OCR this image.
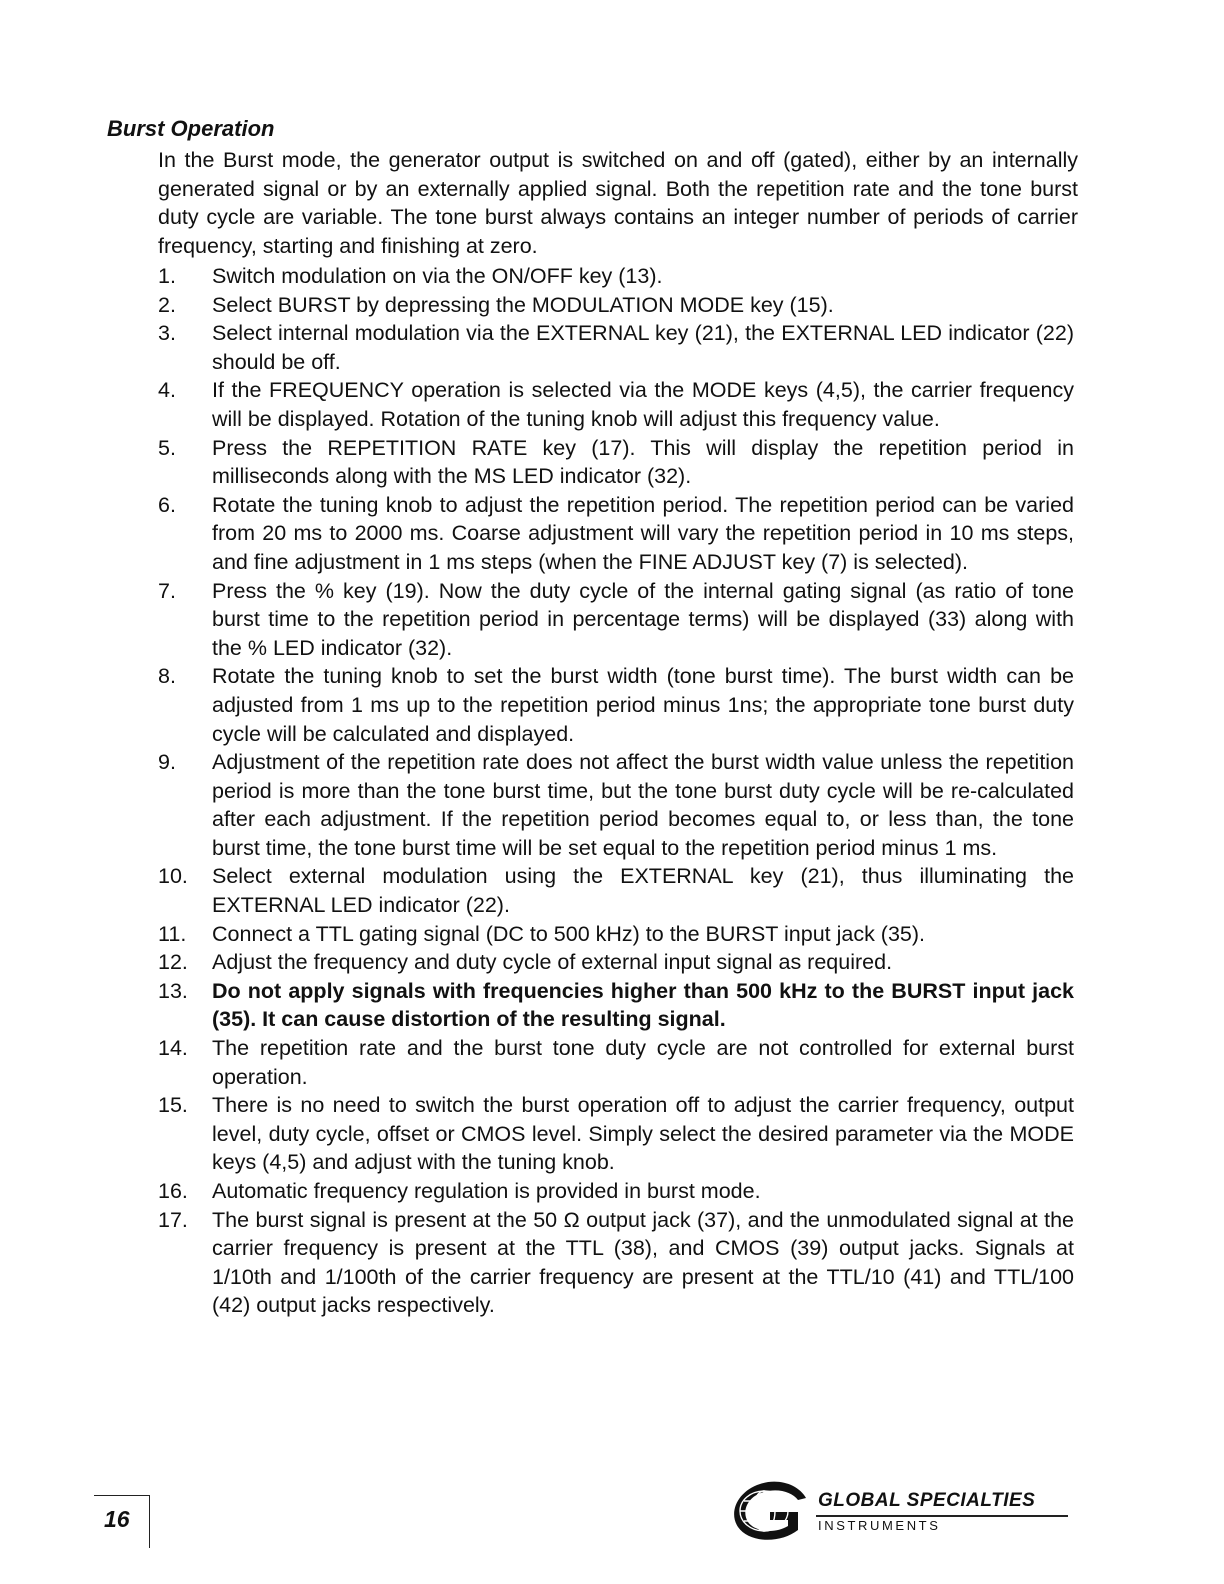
Burst Operation

In the Burst mode, the generator output is switched on and off (gated), either by an internally generated signal or by an externally applied signal. Both the repetition rate and the tone burst duty cycle are variable. The tone burst always contains an integer number of periods of carrier frequency, starting and finishing at zero.

1.	Switch modulation on via the ON/OFF key (13).
2.	Select BURST by depressing the MODULATION MODE key (15).
3.	Select internal modulation via the EXTERNAL key (21), the EXTERNAL LED indicator (22) should be off.
4.	If the FREQUENCY operation is selected via the MODE keys (4,5), the carrier frequency will be displayed. Rotation of the tuning knob will adjust this frequency value.
5.	Press the REPETITION RATE key (17). This will display the repetition period in milliseconds along with the MS LED indicator (32).
6.	Rotate the tuning knob to adjust the repetition period. The repetition period can be varied from 20 ms to 2000 ms. Coarse adjustment will vary the repetition period in 10 ms steps, and fine adjustment in 1 ms steps (when the FINE ADJUST key (7) is selected).
7.	Press the % key (19). Now the duty cycle of the internal gating signal (as ratio of tone burst time to the repetition period in percentage terms) will be displayed (33) along with the % LED indicator (32).
8.	Rotate the tuning knob to set the burst width (tone burst time). The burst width can be adjusted from 1 ms up to the repetition period minus 1ns; the appropriate tone burst duty cycle will be calculated and displayed.
9.	Adjustment of the repetition rate does not affect the burst width value unless the repetition period is more than the tone burst time, but the tone burst duty cycle will be re-calculated after each adjustment. If the repetition period becomes equal to, or less than, the tone burst time, the tone burst time will be set equal to the repetition period minus 1 ms.
10.	Select external modulation using the EXTERNAL key (21), thus illuminating the EXTERNAL LED indicator (22).
11.	Connect a TTL gating signal (DC to 500 kHz) to the BURST input jack (35).
12.	Adjust the frequency and duty cycle of external input signal as required.
13.	Do not apply signals with frequencies higher than 500 kHz to the BURST input jack (35). It can cause distortion of the resulting signal.
14.	The repetition rate and the burst tone duty cycle are not controlled for external burst operation.
15.	There is no need to switch the burst operation off to adjust the carrier frequency, output level, duty cycle, offset or CMOS level. Simply select the desired parameter via the MODE keys (4,5) and adjust with the tuning knob.
16.	Automatic frequency regulation is provided in burst mode.
17.	The burst signal is present at the 50 Ω output jack (37), and the unmodulated signal at the carrier frequency is present at the TTL (38), and CMOS (39) output jacks. Signals at 1/10th and 1/100th of the carrier frequency are present at the TTL/10 (41) and TTL/100 (42) output jacks respectively.
16
GLOBAL SPECIALTIES
INSTRUMENTS
